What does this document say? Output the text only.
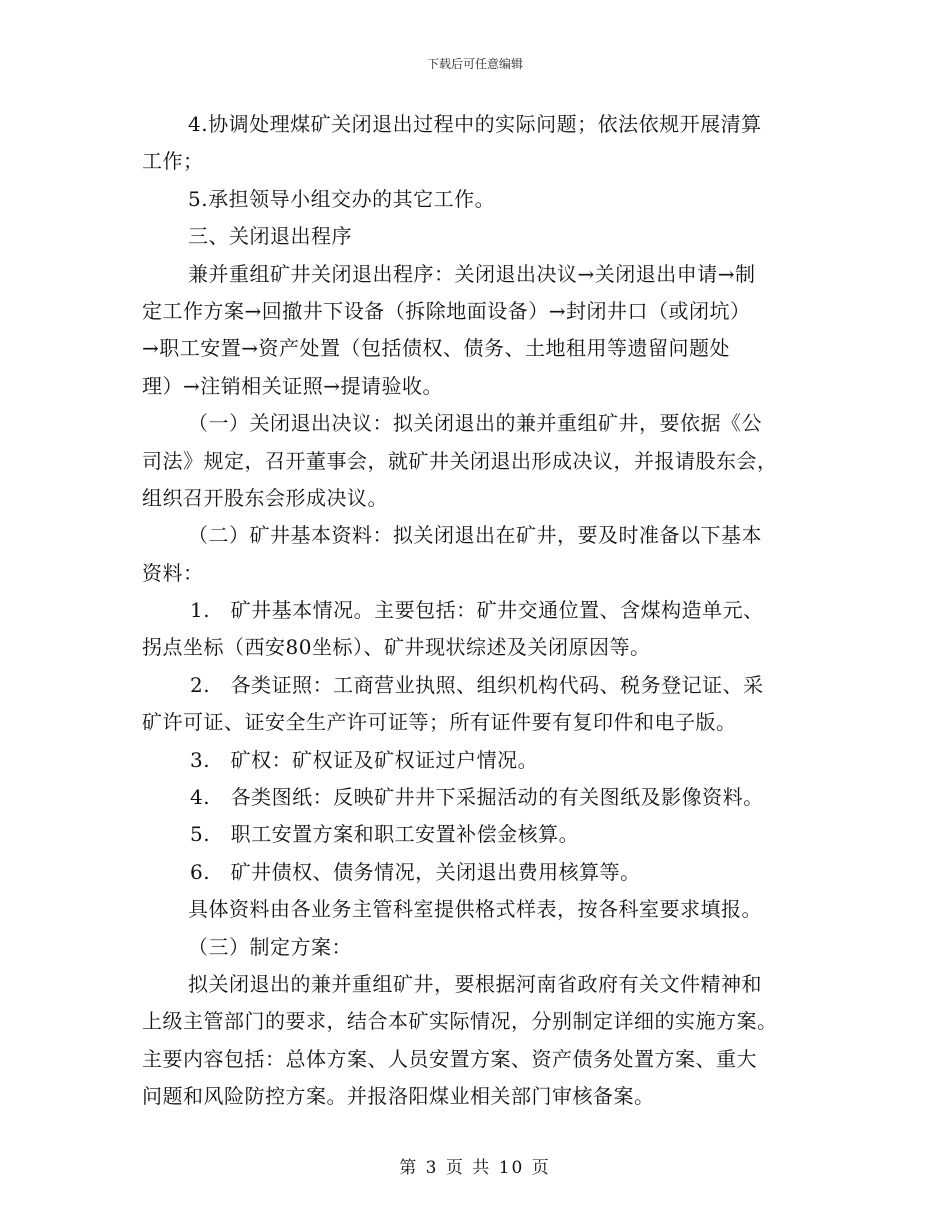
下载后可任意编辑
4.协调处理煤矿关闭退出过程中的实际问题；依法依规开展清算
工作；
5.承担领导小组交办的其它工作。
三、关闭退出程序
兼并重组矿井关闭退出程序：关闭退出决议→关闭退出申请→制
定工作方案→回撤井下设备（拆除地面设备）→封闭井口（或闭坑）
→职工安置→资产处置（包括债权、债务、土地租用等遗留问题处
理）→注销相关证照→提请验收。
（一）关闭退出决议：拟关闭退出的兼并重组矿井，要依据《公
司法》规定，召开董事会，就矿井关闭退出形成决议，并报请股东会，
组织召开股东会形成决议。
（二）矿井基本资料：拟关闭退出在矿井，要及时准备以下基本
资料：
1.　矿井基本情况。主要包括：矿井交通位置、含煤构造单元、
拐点坐标（西安80坐标）、矿井现状综述及关闭原因等。
2.　各类证照：工商营业执照、组织机构代码、税务登记证、采
矿许可证、证安全生产许可证等；所有证件要有复印件和电子版。
3.　矿权：矿权证及矿权证过户情况。
4.　各类图纸：反映矿井井下采掘活动的有关图纸及影像资料。
5.　职工安置方案和职工安置补偿金核算。
6.　矿井债权、债务情况，关闭退出费用核算等。
具体资料由各业务主管科室提供格式样表，按各科室要求填报。
（三）制定方案：
拟关闭退出的兼并重组矿井，要根据河南省政府有关文件精神和
上级主管部门的要求，结合本矿实际情况，分别制定详细的实施方案。
主要内容包括：总体方案、人员安置方案、资产债务处置方案、重大
问题和风险防控方案。并报洛阳煤业相关部门审核备案。
第 3 页 共 10 页
